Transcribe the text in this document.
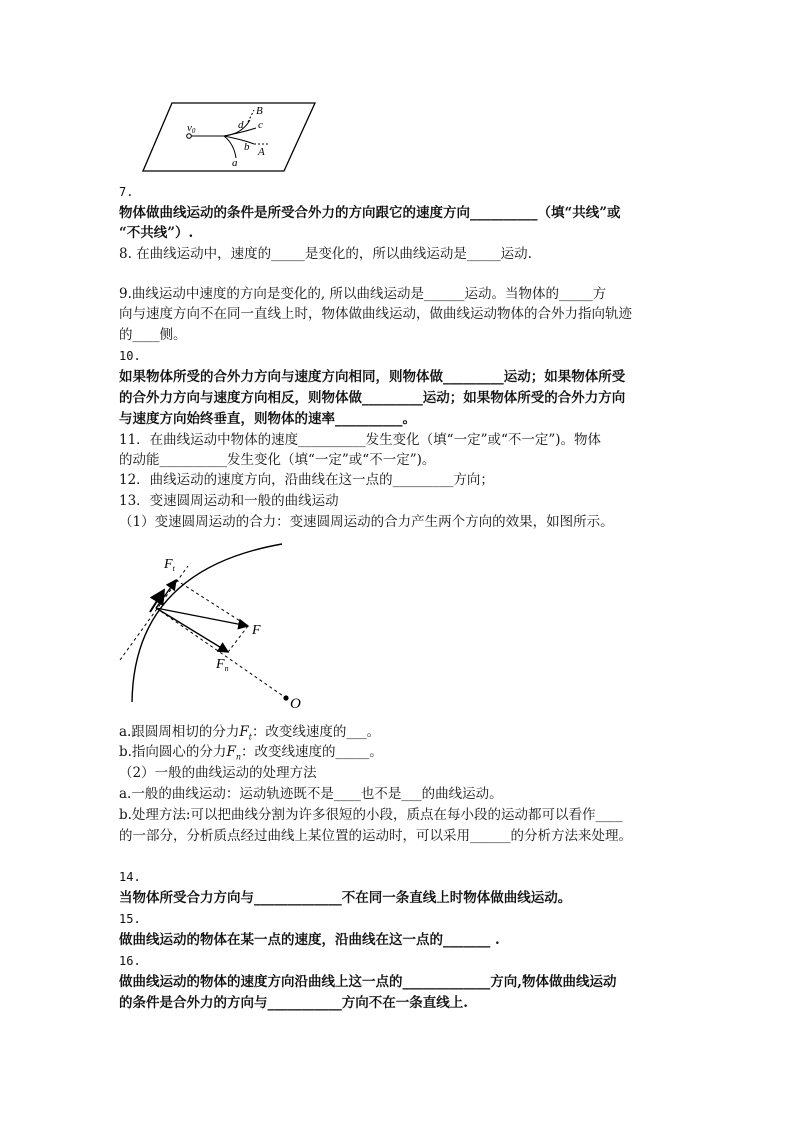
v0
B
d c
b A
a
7.
物体做曲线运动的条件是所受合外力的方向跟它的速度方向__________（填“共线”或
“不共线”）.
8. 在曲线运动中，速度的_____是变化的，所以曲线运动是_____运动.
9.曲线运动中速度的方向是变化的, 所以曲线运动是______运动。当物体的_____方
向与速度方向不在同一直线上时，物体做曲线运动，做曲线运动物体的合外力指向轨迹
的____侧。
10.
如果物体所受的合外力方向与速度方向相同，则物体做_________运动；如果物体所受
的合外力方向与速度方向相反，则物体做_________运动；如果物体所受的合外力方向
与速度方向始终垂直，则物体的速率__________。
11．在曲线运动中物体的速度__________发生变化（填“一定”或“不一定”)。物体
的动能__________发生变化（填“一定”或“不一定”)。
12．曲线运动的速度方向，沿曲线在这一点的_________方向；
13．变速圆周运动和一般的曲线运动
（1）变速圆周运动的合力：变速圆周运动的合力产生两个方向的效果，如图所示。
$F_t$
F
$F_n$
O
a.跟圆周相切的分力$F_t$：改变线速度的___。
b.指向圆心的分力$F_n$：改变线速度的_____。
（2）一般的曲线运动的处理方法
a.一般的曲线运动：运动轨迹既不是____也不是___的曲线运动。
b.处理方法:可以把曲线分割为许多很短的小段，质点在每小段的运动都可以看作____
的一部分，分析质点经过曲线上某位置的运动时，可以采用______的分析方法来处理。
14.
当物体所受合力方向与_____________不在同一条直线上时物体做曲线运动。
15.
做曲线运动的物体在某一点的速度，沿曲线在这一点的_______ .
16.
做曲线运动的物体的速度方向沿曲线上这一点的_____________方向,物体做曲线运动
的条件是合外力的方向与___________方向不在一条直线上.
